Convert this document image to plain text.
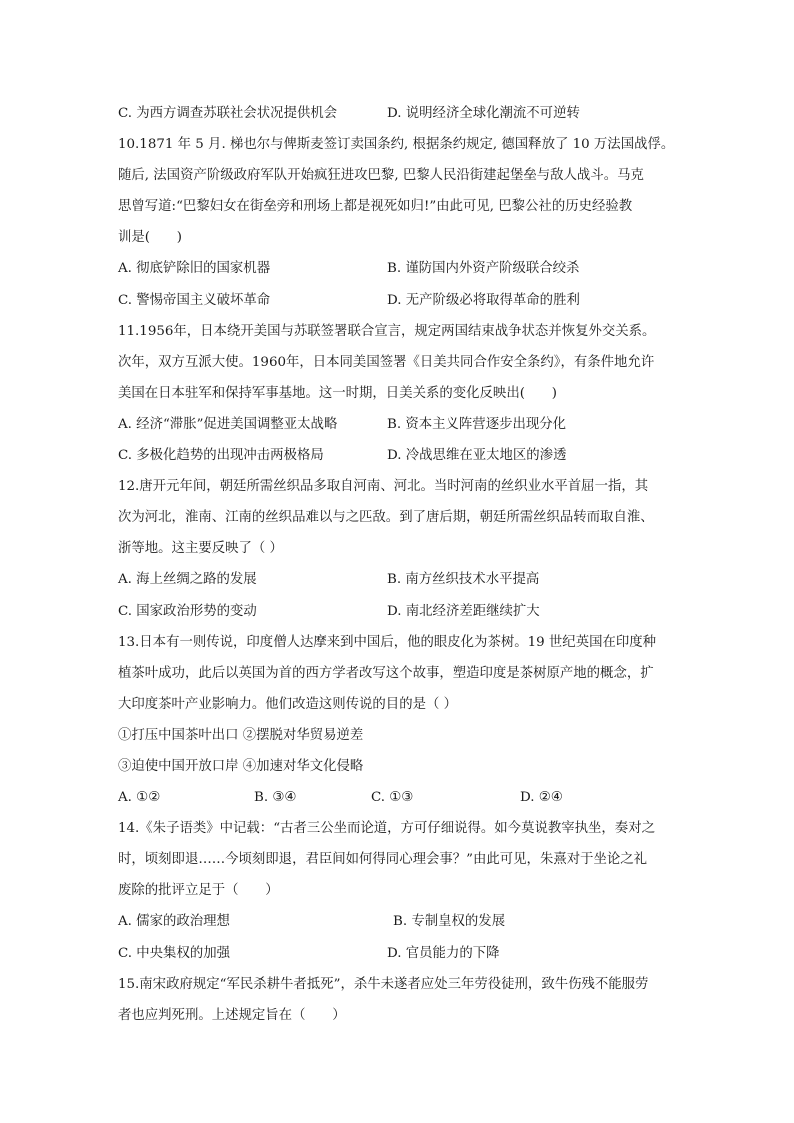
C. 为西方调查苏联社会状况提供机会	D. 说明经济全球化潮流不可逆转
10.1871 年 5 月. 梯也尔与俾斯麦签订卖国条约, 根据条约规定, 德国释放了 10 万法国战俘。
随后, 法国资产阶级政府军队开始疯狂进攻巴黎, 巴黎人民沿街建起堡垒与敌人战斗。马克
思曾写道:“巴黎妇女在街垒旁和刑场上都是视死如归!”由此可见, 巴黎公社的历史经验教
训是(　　)
A. 彻底铲除旧的国家机器	B. 谨防国内外资产阶级联合绞杀
C. 警惕帝国主义破坏革命	D. 无产阶级必将取得革命的胜利
11.1956年，日本绕开美国与苏联签署联合宣言，规定两国结束战争状态并恢复外交关系。
次年，双方互派大使。1960年，日本同美国签署《日美共同合作安全条约》，有条件地允许
美国在日本驻军和保持军事基地。这一时期，日美关系的变化反映出(　　)
A. 经济“滞胀”促进美国调整亚太战略	B. 资本主义阵营逐步出现分化
C. 多极化趋势的出现冲击两极格局	D. 冷战思维在亚太地区的渗透
12.唐开元年间，朝廷所需丝织品多取自河南、河北。当时河南的丝织业水平首屈一指，其
次为河北，淮南、江南的丝织品难以与之匹敌。到了唐后期，朝廷所需丝织品转而取自淮、
浙等地。这主要反映了（ ）
A. 海上丝绸之路的发展	B. 南方丝织技术水平提高
C. 国家政治形势的变动	D. 南北经济差距继续扩大
13.日本有一则传说，印度僧人达摩来到中国后，他的眼皮化为茶树。19 世纪英国在印度种
植茶叶成功，此后以英国为首的西方学者改写这个故事，塑造印度是茶树原产地的概念，扩
大印度茶叶产业影响力。他们改造这则传说的目的是（ ）
①打压中国茶叶出口 ②摆脱对华贸易逆差
③迫使中国开放口岸 ④加速对华文化侵略
A. ①②	B. ③④	C. ①③	D. ②④
14.《朱子语类》中记载：“古者三公坐而论道，方可仔细说得。如今莫说教宰执坐，奏对之
时，顷刻即退……今顷刻即退，君臣间如何得同心理会事？”由此可见，朱熹对于坐论之礼
废除的批评立足于（　　）
A. 儒家的政治理想	B. 专制皇权的发展
C. 中央集权的加强	D. 官员能力的下降
15.南宋政府规定“军民杀耕牛者抵死”，杀牛未遂者应处三年劳役徒刑，致牛伤残不能服劳
者也应判死刑。上述规定旨在（　　）
